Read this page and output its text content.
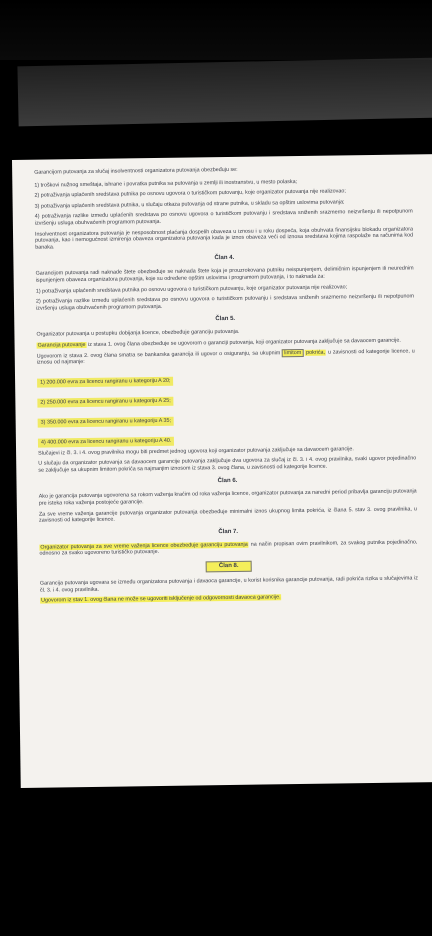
Garancijom putovanja za slučaj insolventnosti organizatora putovanja obezbeđuju se:

1) troškovi nužnog smeštaja, ishrane i povratka putnika sa putovanja u zemlji ili inostranstvu, u mesto polaska;

2) potraživanja uplaćenih sredstava putnika po osnovu ugovora o turističkom putovanju, koje organizator putovanja nije realizovao;

3) potraživanja uplaćenih sredstava putnika, u slučaju otkaza putovanja od strane putnika, u skladu sa opštim uslovima putovanja;

4) potraživanja razlike između uplaćenih sredstava po osnovu ugovora o turističkom putovanju i sredstava sniženih srazmerno neizvršenju ili nepotpunom izvršenju usluga obuhvaćenih programom putovanja.

Insolventnost organizatora putovanja je nesposobnost plaćanja dospelih obaveza u iznosu i u roku dospeća, koja obuhvata finansijsku blokadu organizatora putovanja, kao i nemogućnost izmirenja obaveza organizatora putovanja kada je iznos obaveza veći od iznosa sredstava kojima raspolaže na računima kod banaka.

Član 4.

Garancijom putovanja radi naknade štete obezbeđuje se naknada štete koja je prouzrokovana putniku neispunjenjem, delimičnim ispunjenjem ili neurednim ispunjenjem obaveza organizatora putovanja, koje su određene opštim uslovima i programom putovanja, i to naknada za:

1) potraživanja uplaćenih sredstava putnika po osnovu ugovora o turističkom putovanju, koje organizator putovanja nije realizovao;

2) potraživanja razlike između uplaćenih sredstava po osnovu ugovora o turističkom putovanju i sredstava sniženih srazmerno neizvršenju ili nepotpunom izvršenju usluga obuhvaćenih programom putovanja.

Član 5.

Organizator putovanja u postupku dobijanja licence, obezbeđuje garanciju putovanja.

Garancija putovanje iz stava 1. ovog člana obezbeđuje se ugovorom o garanciji putovanja, koji organizator putovanja zaključuje sa davaocem garancije.

Ugovorom iz stava 2. ovog člana smatra se bankarska garancija ili ugovor o osiguranju, sa ukupnim limitom pokrića, u zavisnosti od kategorije licence, u iznosu od najmanje:

1) 200.000 evra za licencu rangiranu u kategoriju A 20;
2) 250.000 evra za licencu rangiranu u kategoriju A 25;
3) 350.000 evra za licencu rangiranu u kategoriju A 35;
4) 400.000 evra za licencu rangiranu u kategoriju A 40.

Slučajevi iz čl. 3. i 4. ovog pravilnika mogu biti predmet jednog ugovora koji organizator putovanja zaključuje sa davaocem garancije.

U slučaju da organizator putovanja sa davaocem garancije putovanja zaključuje dva ugovora za slučaj iz čl. 3. i 4. ovog pravilnika, svaki ugovor pojedinačno se zaključuje sa ukupnim limitom pokrića sa najmanjim iznosom iz stava 3. ovog člana, u zavisnosti od kategorije licence.

Član 6.

Ako je garancija putovanja ugovorena sa rokom važenja kraćim od roka važenja licence, organizator putovanja za naredni period pribavlja garanciju putovanja pre isteka roka važenja postojeće garancije.

Za sve vreme važenja garancije putovanja organizator putovanja obezbeđuje minimalni iznos ukupnog limita pokrića, iz člana 5. stav 3. ovog pravilnika, u zavisnosti od kategorije licence.

Član 7.

Organizator putovanja za sve vreme važenja licence obezbeđuje garanciju putovanja na način propisan ovim pravilnikom, za svakog putnika pojedinačno, odnosno za svako ugovoreno turističko putovanje.

Član 8.

Garancija putovanja ugovara se između organizatora putovanja i davaoca garancije, u korist korisnika garancije putovanja, radi pokrića rizika u slučajevima iz čl. 3. i 4. ovog pravilnika.

Ugovorom iz stav 1. ovog člana ne može se ugovoriti isključenje od odgovornosti davaoca garancije.
